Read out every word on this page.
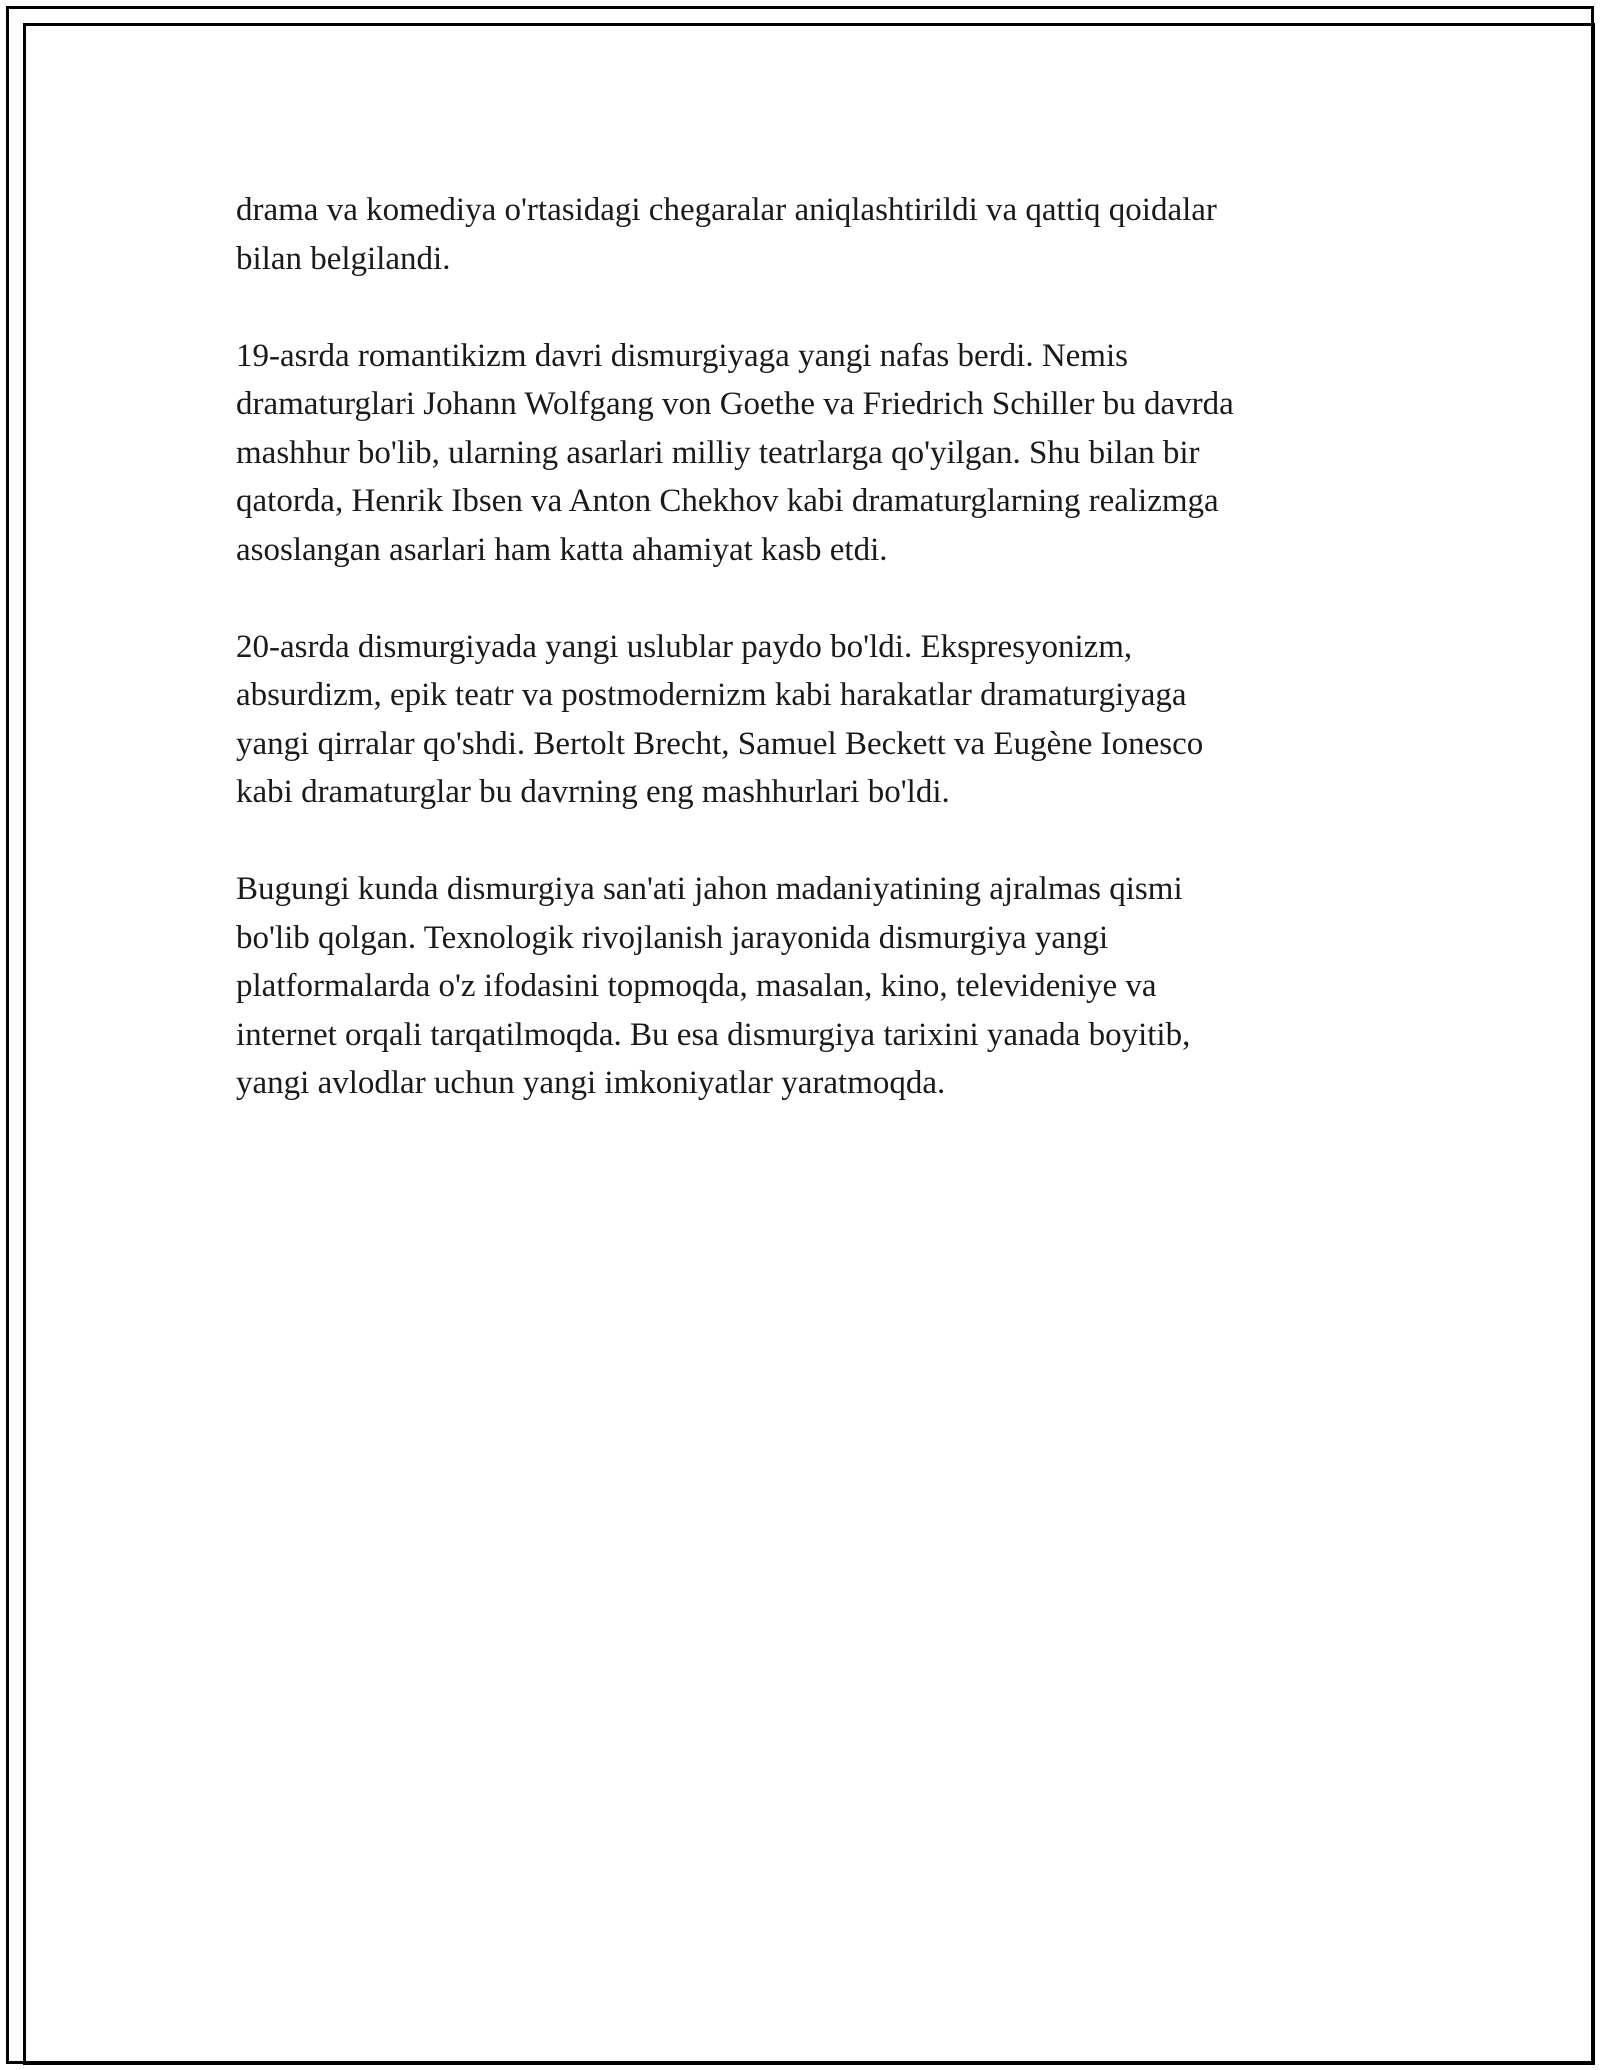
drama va komediya o'rtasidagi chegaralar aniqlashtirildi va qattiq qoidalar
bilan belgilandi.

19-asrda romantikizm davri dismurgiyaga yangi nafas berdi. Nemis
dramaturglari Johann Wolfgang von Goethe va Friedrich Schiller bu davrda
mashhur bo'lib, ularning asarlari milliy teatrlarga qo'yilgan. Shu bilan bir
qatorda, Henrik Ibsen va Anton Chekhov kabi dramaturglarning realizmga
asoslangan asarlari ham katta ahamiyat kasb etdi.

20-asrda dismurgiyada yangi uslublar paydo bo'ldi. Ekspresyonizm,
absurdizm, epik teatr va postmodernizm kabi harakatlar dramaturgiyaga
yangi qirralar qo'shdi. Bertolt Brecht, Samuel Beckett va Eugène Ionesco
kabi dramaturglar bu davrning eng mashhurlari bo'ldi.

Bugungi kunda dismurgiya san'ati jahon madaniyatining ajralmas qismi
bo'lib qolgan. Texnologik rivojlanish jarayonida dismurgiya yangi
platformalarda o'z ifodasini topmoqda, masalan, kino, televideniye va
internet orqali tarqatilmoqda. Bu esa dismurgiya tarixini yanada boyitib,
yangi avlodlar uchun yangi imkoniyatlar yaratmoqda.
